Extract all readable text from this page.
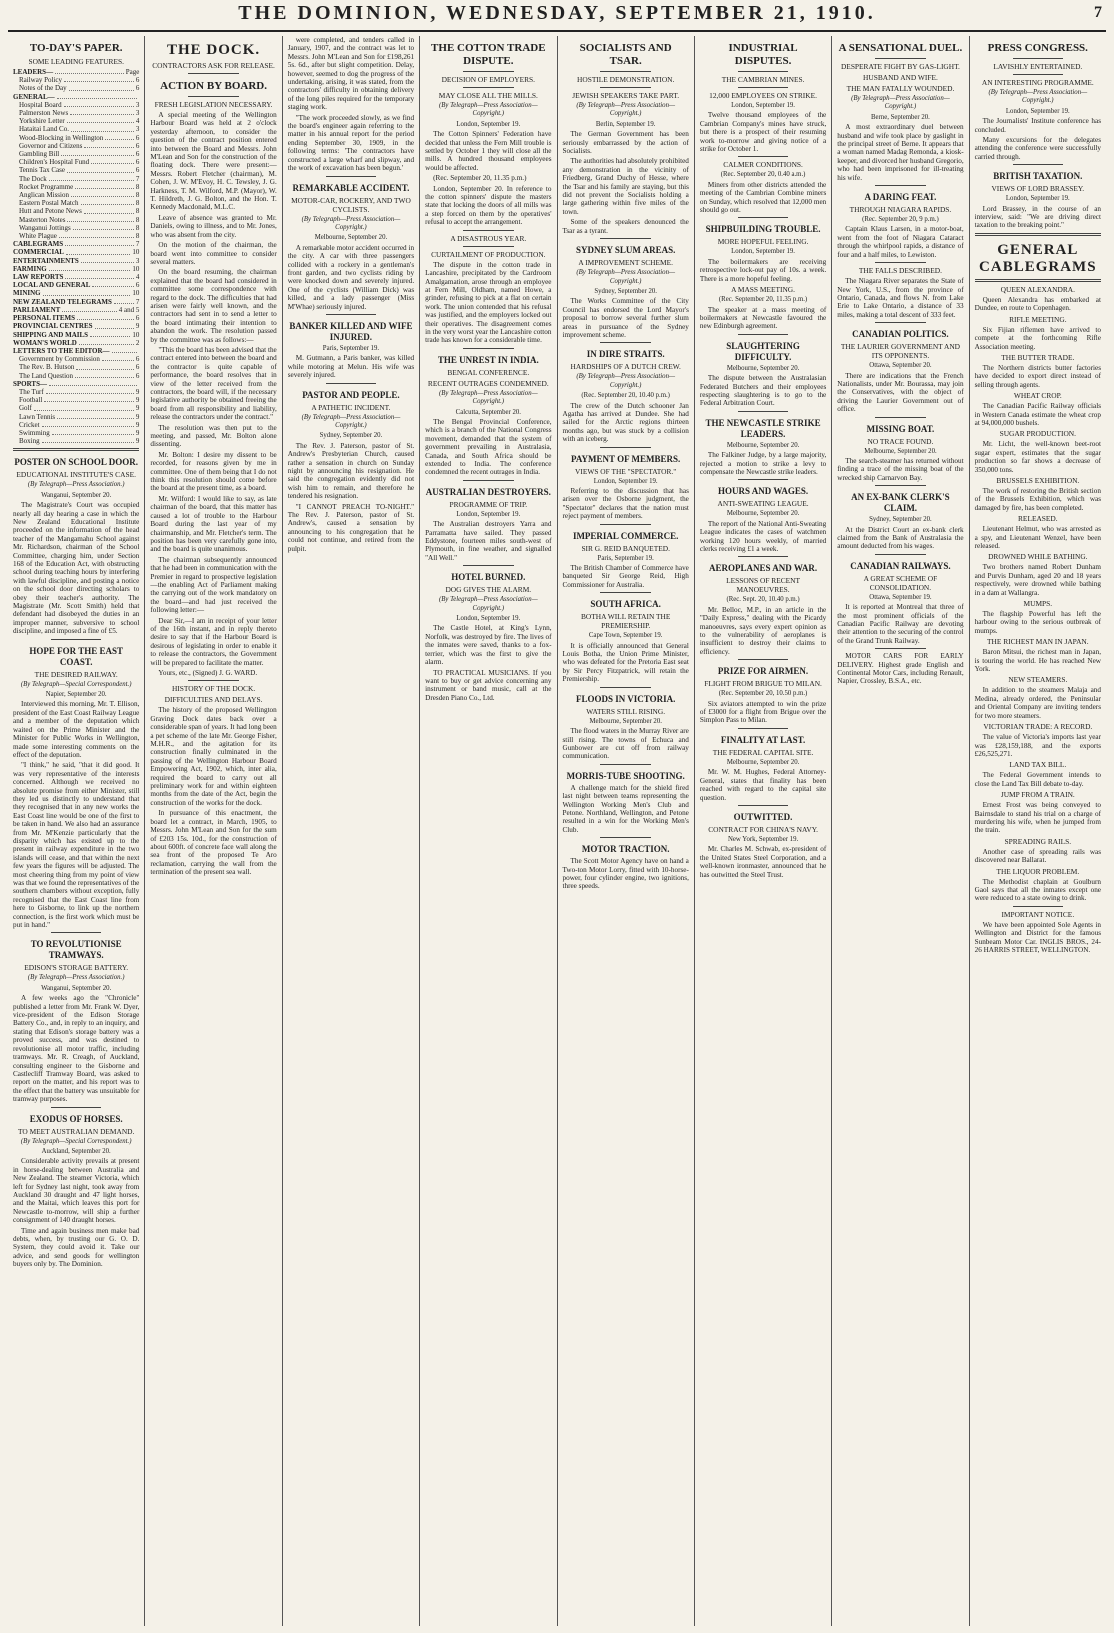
THE DOMINION, WEDNESDAY, SEPTEMBER 21, 1910.	7
TO-DAY'S PAPER.
SOME LEADING FEATURES.
LEADERS—	Page
Railway Policy	6
Notes of the Day	6
GENERAL—
Hospital Board	3
Palmerston News	3
Yorkshire Letter	4
Hataitai Land Co.	3
Wood-Blocking in Wellington	6
Governor and Citizens	6
Gambling Bill	6
Children's Hospital Fund	6
Tennis Tax Case	6
The Dock	7
Rocket Programme	8
Anglican Mission	8
Eastern Postal Match	8
Hutt and Petone News	8
Masterton Notes	8
Wanganui Jottings	8
White Plague	8
CABLEGRAMS	7
COMMERCIAL	10
ENTERTAINMENTS	3
FARMING	10
LAW REPORTS	4
LOCAL AND GENERAL	6
MINING	10
NEW ZEALAND TELEGRAMS	7
PARLIAMENT	4 and 5
PERSONAL ITEMS	6
PROVINCIAL CENTRES	9
SHIPPING AND MAILS	10
WOMAN'S WORLD	2
LETTERS TO THE EDITOR—
Government by Commission	6
The Rev. B. Hutson	6
The Land Question	6
SPORTS—
The Turf	9
Football	9
Golf	9
Lawn Tennis	9
Cricket	9
Swimming	9
Boxing	9
POSTER ON SCHOOL DOOR.
EDUCATIONAL INSTITUTE'S CASE.
(By Telegraph—Press Association.)
Wanganui, September 20.

The Magistrate's Court was occupied nearly all day hearing a case in which the New Zealand Educational Institute proceeded on the information of the head teacher of the Mangamahu School against Mr. Richardson, chairman of the School Committee, charging him, under Section 168 of the Education Act, with obstructing school during teaching hours by interfering with lawful discipline, and posting a notice on the school door directing scholars to obey their teacher's authority. The Magistrate (Mr. Scott Smith) held that defendant had disobeyed the duties in an improper manner, subversive to school discipline, and imposed a fine of £5.

HOPE FOR THE EAST COAST.
THE DESIRED RAILWAY.
(By Telegraph—Special Correspondent.)
Napier, September 20.

Interviewed this morning, Mr. T. Ellison, president of the East Coast Railway League and a member of the deputation which waited on the Prime Minister and the Minister for Public Works in Wellington, made some interesting comments on the effect of the deputation.

"I think," he said, "that it did good. It was very representative of the interests concerned. Although we received no absolute promise from either Minister, still they led us distinctly to understand that they recognised that in any new works the East Coast line would be one of the first to be taken in hand. We also had an assurance from Mr. M'Kenzie particularly that the disparity which has existed up to the present in railway expenditure in the two islands will cease, and that within the next few years the figures will be adjusted. The most cheering thing from my point of view was that we found the representatives of the southern chambers without exception, fully recognised that the East Coast line from here to Gisborne, to link up the northern connection, is the first work which must be put in hand."

TO REVOLUTIONISE TRAMWAYS.
EDISON'S STORAGE BATTERY.
(By Telegraph—Press Association.)
Wanganui, September 20.

A few weeks ago the "Chronicle" published a letter from Mr. Frank W. Dyer, vice-president of the Edison Storage Battery Co., and, in reply to an inquiry, and stating that Edison's storage battery was a proved success, and was destined to revolutionise all motor traffic, including tramways. Mr. R. Creagh, of Auckland, consulting engineer to the Gisborne and Castlecliff Tramway Board, was asked to report on the matter, and his report was to the effect that the battery was unsuitable for tramway purposes.

EXODUS OF HORSES.
TO MEET AUSTRALIAN DEMAND.
(By Telegraph—Special Correspondent.)
Auckland, September 20.

Considerable activity prevails at present in horse-dealing between Australia and New Zealand. The steamer Victoria, which left for Sydney last night, took away from Auckland 30 draught and 47 light horses, and the Maitai, which leaves this port for Newcastle to-morrow, will ship a further consignment of 140 draught horses.

Time and again business men make bad debts, when, by trusting our G. O. D. System, they could avoid it. Take our advice, and send goods for wellington buyers only by. The Dominion.

THE DOCK.
CONTRACTORS ASK FOR RELEASE.
ACTION BY BOARD.
FRESH LEGISLATION NECESSARY.

A special meeting of the Wellington Harbour Board was held at 2 o'clock yesterday afternoon, to consider the question of the contract position entered into between the Board and Messrs. John M'Lean and Son for the construction of the floating dock. There were present:—Messrs. Robert Fletcher (chairman), M. Cohen, J. W. M'Evoy, H. C. Tewsley, J. G. Harkness, T. M. Wilford, M.P. (Mayor), W. T. Hildreth, J. G. Bolton, and the Hon. T. Kennedy Macdonald, M.L.C.

Leave of absence was granted to Mr. Daniels, owing to illness, and to Mr. Jones, who was absent from the city.

On the motion of the chairman, the board went into committee to consider several matters.

On the board resuming, the chairman explained that the board had considered in committee some correspondence with regard to the dock. The difficulties that had arisen were fairly well known, and the contractors had sent in to send a letter to the board intimating their intention to abandon the work. The resolution passed by the committee was as follows:—

"This the board has been advised that the contract entered into between the board and the contractor is quite capable of performance, the board resolves that in view of the letter received from the contractors, the board will, if the necessary legislative authority be obtained freeing the board from all responsibility and liability, release the contractors under the contract."

The resolution was then put to the meeting, and passed, Mr. Bolton alone dissenting.

Mr. Bolton: I desire my dissent to be recorded, for reasons given by me in committee. One of them being that I do not think this resolution should come before the board at the present time, as a board.

Mr. Wilford: I would like to say, as late chairman of the board, that this matter has caused a lot of trouble to the Harbour Board during the last year of my chairmanship, and Mr. Fletcher's term. The position has been very carefully gone into, and the board is quite unanimous.

The chairman subsequently announced that he had been in communication with the Premier in regard to prospective legislation—the enabling Act of Parliament making the carrying out of the work mandatory on the board—and had just received the following letter:—

Dear Sir,—I am in receipt of your letter of the 16th instant, and in reply thereto desire to say that if the Harbour Board is desirous of legislating in order to enable it to release the contractors, the Government will be prepared to facilitate the matter.

Yours, etc., (Signed) J. G. WARD.

HISTORY OF THE DOCK.
DIFFICULTIES AND DELAYS.

The history of the proposed Wellington Graving Dock dates back over a considerable span of years. It had long been a pet scheme of the late Mr. George Fisher, M.H.R., and the agitation for its construction finally culminated in the passing of the Wellington Harbour Board Empowering Act, 1902, which, inter alia, required the board to carry out all preliminary work for and within eighteen months from the date of the Act, begin the construction of the works for the dock.

In pursuance of this enactment, the board let a contract, in March, 1905, to Messrs. John M'Lean and Son for the sum of £203 15s. 10d., for the construction of about 600ft. of concrete face wall along the sea front of the proposed Te Aro reclamation, carrying the wall from the termination of the present sea wall.

were completed, and tenders called in January, 1907, and the contract was let to Messrs. John M'Lean and Son for £198,261 5s. 6d., after but slight competition. Delay, however, seemed to dog the progress of the undertaking, arising, it was stated, from the contractors' difficulty in obtaining delivery of the long piles required for the temporary staging work.

"The work proceeded slowly, as we find the board's engineer again referring to the matter in his annual report for the period ending September 30, 1909, in the following terms: 'The contractors have constructed a large wharf and slipway, and the work of excavation has been begun.'

REMARKABLE ACCIDENT.
MOTOR-CAR, ROCKERY, AND TWO CYCLISTS.
(By Telegraph—Press Association—Copyright.)
Melbourne, September 20.

A remarkable motor accident occurred in the city. A car with three passengers collided with a rockery in a gentleman's front garden, and two cyclists riding by were knocked down and severely injured. One of the cyclists (William Dick) was killed, and a lady passenger (Miss M'Whae) seriously injured.

BANKER KILLED AND WIFE INJURED.
Paris, September 19.

M. Gutmann, a Paris banker, was killed while motoring at Melun. His wife was severely injured.

PASTOR AND PEOPLE.
A PATHETIC INCIDENT.
(By Telegraph—Press Association—Copyright.)
Sydney, September 20.

The Rev. J. Paterson, pastor of St. Andrew's Presbyterian Church, caused rather a sensation in church on Sunday night by announcing his resignation. He said the congregation evidently did not wish him to remain, and therefore he tendered his resignation.

"I CANNOT PREACH TO-NIGHT." The Rev. J. Paterson, pastor of St. Andrew's, caused a sensation by announcing to his congregation that he could not continue, and retired from the pulpit.

THE COTTON TRADE DISPUTE.
DECISION OF EMPLOYERS.
MAY CLOSE ALL THE MILLS.
(By Telegraph—Press Association—Copyright.)
London, September 19.

The Cotton Spinners' Federation have decided that unless the Fern Mill trouble is settled by October 1 they will close all the mills. A hundred thousand employees would be affected.

(Rec. September 20, 11.35 p.m.)

London, September 20. In reference to the cotton spinners' dispute the masters state that locking the doors of all mills was a step forced on them by the operatives' refusal to accept the arrangement.

A DISASTROUS YEAR.
CURTAILMENT OF PRODUCTION.

The dispute in the cotton trade in Lancashire, precipitated by the Cardroom Amalgamation, arose through an employee at Fern Mill, Oldham, named Howe, a grinder, refusing to pick at a flat on certain work. The union contended that his refusal was justified, and the employers locked out their operatives. The disagreement comes in the very worst year the Lancashire cotton trade has known for a considerable time.

THE UNREST IN INDIA.
BENGAL CONFERENCE.
RECENT OUTRAGES CONDEMNED.
(By Telegraph—Press Association—Copyright.)
Calcutta, September 20.

The Bengal Provincial Conference, which is a branch of the National Congress movement, demanded that the system of government prevailing in Australasia, Canada, and South Africa should be extended to India. The conference condemned the recent outrages in India.

AUSTRALIAN DESTROYERS.
PROGRAMME OF TRIP.
London, September 19.

The Australian destroyers Yarra and Parramatta have sailed. They passed Eddystone, fourteen miles south-west of Plymouth, in fine weather, and signalled "All Well."

HOTEL BURNED.
DOG GIVES THE ALARM.
(By Telegraph—Press Association—Copyright.)
London, September 19.

The Castle Hotel, at King's Lynn, Norfolk, was destroyed by fire. The lives of the inmates were saved, thanks to a fox-terrier, which was the first to give the alarm.

TO PRACTICAL MUSICIANS. If you want to buy or get advice concerning any instrument or band music, call at the Dresden Piano Co., Ltd.

SOCIALISTS AND TSAR.
HOSTILE DEMONSTRATION.
JEWISH SPEAKERS TAKE PART.
(By Telegraph—Press Association—Copyright.)
Berlin, September 19.

The German Government has been seriously embarrassed by the action of Socialists.

The authorities had absolutely prohibited any demonstration in the vicinity of Friedberg, Grand Duchy of Hesse, where the Tsar and his family are staying, but this did not prevent the Socialists holding a large gathering within five miles of the town.

Some of the speakers denounced the Tsar as a tyrant.

SYDNEY SLUM AREAS.
A IMPROVEMENT SCHEME.
(By Telegraph—Press Association—Copyright.)
Sydney, September 20.

The Works Committee of the City Council has endorsed the Lord Mayor's proposal to borrow several further slum areas in pursuance of the Sydney improvement scheme.

IN DIRE STRAITS.
HARDSHIPS OF A DUTCH CREW.
(By Telegraph—Press Association—Copyright.)
(Rec. September 20, 10.40 p.m.)

The crew of the Dutch schooner Jan Agatha has arrived at Dundee. She had sailed for the Arctic regions thirteen months ago, but was stuck by a collision with an iceberg.

PAYMENT OF MEMBERS.
VIEWS OF THE "SPECTATOR."
London, September 19.

Referring to the discussion that has arisen over the Osborne judgment, the "Spectator" declares that the nation must reject payment of members.

IMPERIAL COMMERCE.
SIR G. REID BANQUETED.
Paris, September 19.

The British Chamber of Commerce have banqueted Sir George Reid, High Commissioner for Australia.

SOUTH AFRICA.
BOTHA WILL RETAIN THE PREMIERSHIP.
Cape Town, September 19.

It is officially announced that General Louis Botha, the Union Prime Minister, who was defeated for the Pretoria East seat by Sir Percy Fitzpatrick, will retain the Premiership.

FLOODS IN VICTORIA.
WATERS STILL RISING.
Melbourne, September 20.

The flood waters in the Murray River are still rising. The towns of Echuca and Gunbower are cut off from railway communication.

MORRIS-TUBE SHOOTING.

A challenge match for the shield fired last night between teams representing the Wellington Working Men's Club and Petone. Northland, Wellington, and Petone resulted in a win for the Working Men's Club.

MOTOR TRACTION.

The Scott Motor Agency have on hand a Two-ton Motor Lorry, fitted with 10-horse-power, four cylinder engine, two ignitions, three speeds.

INDUSTRIAL DISPUTES.
THE CAMBRIAN MINES.
12,000 EMPLOYEES ON STRIKE.
London, September 19.

Twelve thousand employees of the Cambrian Company's mines have struck, but there is a prospect of their resuming work to-morrow and giving notice of a strike for October 1.

CALMER CONDITIONS.
(Rec. September 20, 0.40 a.m.)

Miners from other districts attended the meeting of the Cambrian Combine miners on Sunday, which resolved that 12,000 men should go out.

SHIPBUILDING TROUBLE.
MORE HOPEFUL FEELING.
London, September 19.

The boilermakers are receiving retrospective lock-out pay of 10s. a week. There is a more hopeful feeling.

A MASS MEETING.
(Rec. September 20, 11.35 p.m.)

The speaker at a mass meeting of boilermakers at Newcastle favoured the new Edinburgh agreement.

SLAUGHTERING DIFFICULTY.
Melbourne, September 20.

The dispute between the Australasian Federated Butchers and their employees respecting slaughtering is to go to the Federal Arbitration Court.

THE NEWCASTLE STRIKE LEADERS.
Melbourne, September 20.

The Falkiner Judge, by a large majority, rejected a motion to strike a levy to compensate the Newcastle strike leaders.

HOURS AND WAGES.
ANTI-SWEATING LEAGUE.
Melbourne, September 20.

The report of the National Anti-Sweating League indicates the cases of watchmen working 120 hours weekly, of married clerks receiving £1 a week.

AEROPLANES AND WAR.
LESSONS OF RECENT MANOEUVRES.
(Rec. Sept. 20, 10.40 p.m.)

Mr. Belloc, M.P., in an article in the "Daily Express," dealing with the Picardy manoeuvres, says every expert opinion as to the vulnerability of aeroplanes is insufficient to destroy their claims to efficiency.

PRIZE FOR AIRMEN.
FLIGHT FROM BRIGUE TO MILAN.
(Rec. September 20, 10.50 p.m.)

Six aviators attempted to win the prize of £3000 for a flight from Brigue over the Simplon Pass to Milan.

FINALITY AT LAST.
THE FEDERAL CAPITAL SITE.
Melbourne, September 20.

Mr. W. M. Hughes, Federal Attorney-General, states that finality has been reached with regard to the capital site question.

OUTWITTED.
CONTRACT FOR CHINA'S NAVY.
New York, September 19.

Mr. Charles M. Schwab, ex-president of the United States Steel Corporation, and a well-known ironmaster, announced that he has outwitted the Steel Trust.

A SENSATIONAL DUEL.
DESPERATE FIGHT BY GAS-LIGHT.
HUSBAND AND WIFE.
THE MAN FATALLY WOUNDED.
(By Telegraph—Press Association—Copyright.)
Berne, September 20.

A most extraordinary duel between husband and wife took place by gaslight in the principal street of Berne. It appears that a woman named Madag Remonda, a kiosk-keeper, and divorced her husband Gregorio, who had been imprisoned for ill-treating his wife.

A DARING FEAT.
THROUGH NIAGARA RAPIDS.
(Rec. September 20, 9 p.m.)

Captain Klaus Larsen, in a motor-boat, went from the foot of Niagara Cataract through the whirlpool rapids, a distance of four and a half miles, to Lewiston.

THE FALLS DESCRIBED.

The Niagara River separates the State of New York, U.S., from the province of Ontario, Canada, and flows N. from Lake Erie to Lake Ontario, a distance of 33 miles, making a total descent of 333 feet.

CANADIAN POLITICS.
THE LAURIER GOVERNMENT AND ITS OPPONENTS.
Ottawa, September 20.

There are indications that the French Nationalists, under Mr. Bourassa, may join the Conservatives, with the object of driving the Laurier Government out of office.

MISSING BOAT.
NO TRACE FOUND.
Melbourne, September 20.

The search-steamer has returned without finding a trace of the missing boat of the wrecked ship Carnarvon Bay.

AN EX-BANK CLERK'S CLAIM.
Sydney, September 20.

At the District Court an ex-bank clerk claimed from the Bank of Australasia the amount deducted from his wages.

CANADIAN RAILWAYS.
A GREAT SCHEME OF CONSOLIDATION.
Ottawa, September 19.

It is reported at Montreal that three of the most prominent officials of the Canadian Pacific Railway are devoting their attention to the securing of the control of the Grand Trunk Railway.

MOTOR CARS FOR EARLY DELIVERY. Highest grade English and Continental Motor Cars, including Renault, Napier, Crossley, B.S.A., etc.

PRESS CONGRESS.
LAVISHLY ENTERTAINED.
AN INTERESTING PROGRAMME.
(By Telegraph—Press Association—Copyright.)
London, September 19.

The Journalists' Institute conference has concluded.

Many excursions for the delegates attending the conference were successfully carried through.

BRITISH TAXATION.
VIEWS OF LORD BRASSEY.
London, September 19.

Lord Brassey, in the course of an interview, said: "We are driving direct taxation to the breaking point."

GENERAL CABLEGRAMS
QUEEN ALEXANDRA.

Queen Alexandra has embarked at Dundee, en route to Copenhagen.

RIFLE MEETING.

Six Fijian riflemen have arrived to compete at the forthcoming Rifle Association meeting.

THE BUTTER TRADE.

The Northern districts butter factories have decided to export direct instead of selling through agents.

WHEAT CROP.

The Canadian Pacific Railway officials in Western Canada estimate the wheat crop at 94,000,000 bushels.

SUGAR PRODUCTION.

Mr. Licht, the well-known beet-root sugar expert, estimates that the sugar production so far shows a decrease of 350,000 tons.

BRUSSELS EXHIBITION.

The work of restoring the British section of the Brussels Exhibition, which was damaged by fire, has been completed.

RELEASED.

Lieutenant Helmut, who was arrested as a spy, and Lieutenant Wenzel, have been released.

DROWNED WHILE BATHING.

Two brothers named Robert Dunham and Purvis Dunham, aged 20 and 18 years respectively, were drowned while bathing in a dam at Wallangra.

MUMPS.

The flagship Powerful has left the harbour owing to the serious outbreak of mumps.

THE RICHEST MAN IN JAPAN.

Baron Mitsui, the richest man in Japan, is touring the world. He has reached New York.

NEW STEAMERS.

In addition to the steamers Malaja and Medina, already ordered, the Peninsular and Oriental Company are inviting tenders for two more steamers.

VICTORIAN TRADE: A RECORD.

The value of Victoria's imports last year was £28,159,188, and the exports £26,525,271.

LAND TAX BILL.

The Federal Government intends to close the Land Tax Bill debate to-day.

JUMP FROM A TRAIN.

Ernest Frost was being conveyed to Bairnsdale to stand his trial on a charge of murdering his wife, when he jumped from the train.

SPREADING RAILS.

Another case of spreading rails was discovered near Ballarat.

THE LIQUOR PROBLEM.

The Methodist chaplain at Goulburn Gaol says that all the inmates except one were reduced to a state owing to drink.

IMPORTANT NOTICE.

We have been appointed Sole Agents in Wellington and District for the famous Sunbeam Motor Car. INGLIS BROS., 24-26 HARRIS STREET, WELLINGTON.
